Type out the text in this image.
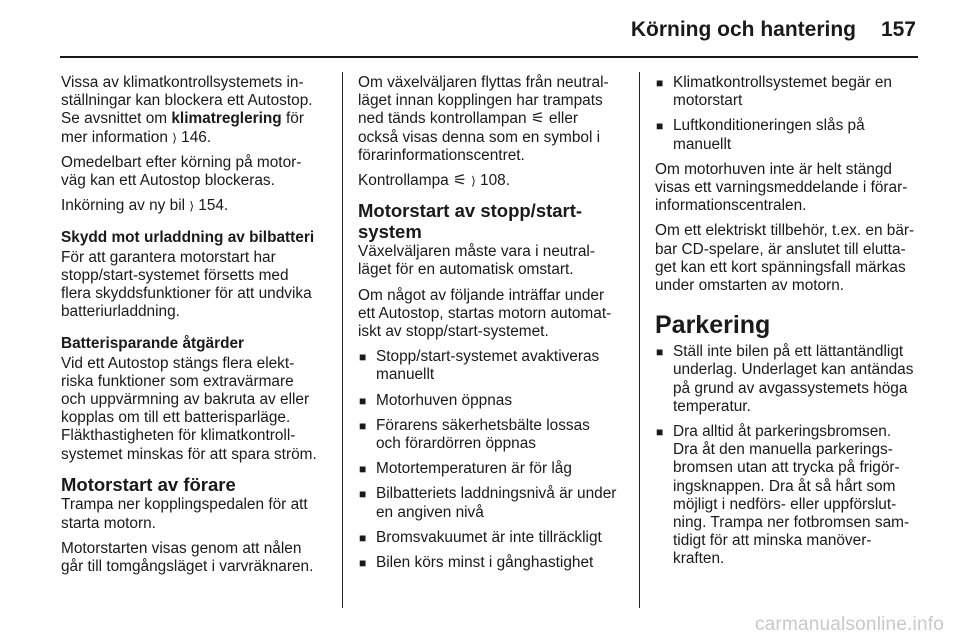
Körning och hantering 157

Vissa av klimatkontrollsystemets in-
ställningar kan blockera ett Autostop.
Se avsnittet om klimatreglering för
mer information ⟩ 146.

Omedelbart efter körning på motor-
väg kan ett Autostop blockeras.

Inkörning av ny bil ⟩ 154.

Skydd mot urladdning av bilbatteri

För att garantera motorstart har
stopp/start-systemet försetts med
flera skyddsfunktioner för att undvika
batteriurladdning.

Batterisparande åtgärder

Vid ett Autostop stängs flera elekt-
riska funktioner som extravärmare
och uppvärmning av bakruta av eller
kopplas om till ett batterisparläge.
Fläkthastigheten för klimatkontroll-
systemet minskas för att spara ström.

Motorstart av förare

Trampa ner kopplingspedalen för att
starta motorn.

Motorstarten visas genom att nålen
går till tomgångsläget i varvräknaren.

Om växelväljaren flyttas från neutral-
läget innan kopplingen har trampats
ned tänds kontrollampan ⚟ eller
också visas denna som en symbol i
förarinformationscentret.

Kontrollampa ⚟ ⟩ 108.

Motorstart av stopp/start-
system

Växelväljaren måste vara i neutral-
läget för en automatisk omstart.

Om något av följande inträffar under
ett Autostop, startas motorn automat-
iskt av stopp/start-systemet.

■ Stopp/start-systemet avaktiveras
manuellt
■ Motorhuven öppnas
■ Förarens säkerhetsbälte lossas
och förardörren öppnas
■ Motortemperaturen är för låg
■ Bilbatteriets laddningsnivå är under
en angiven nivå
■ Bromsvakuumet är inte tillräckligt
■ Bilen körs minst i gånghastighet
■ Klimatkontrollsystemet begär en
motorstart
■ Luftkonditioneringen slås på
manuellt

Om motorhuven inte är helt stängd
visas ett varningsmeddelande i förar-
informationscentralen.

Om ett elektriskt tillbehör, t.ex. en bär-
bar CD-spelare, är anslutet till elutta-
get kan ett kort spänningsfall märkas
under omstarten av motorn.

Parkering
■ Ställ inte bilen på ett lättantändligt
underlag. Underlaget kan antändas
på grund av avgassystemets höga
temperatur.
■ Dra alltid åt parkeringsbromsen.
Dra åt den manuella parkerings-
bromsen utan att trycka på frigör-
ingsknappen. Dra åt så hårt som
möjligt i nedförs- eller uppförslut-
ning. Trampa ner fotbromsen sam-
tidigt för att minska manöver-
kraften.
carmanualsonline.info
